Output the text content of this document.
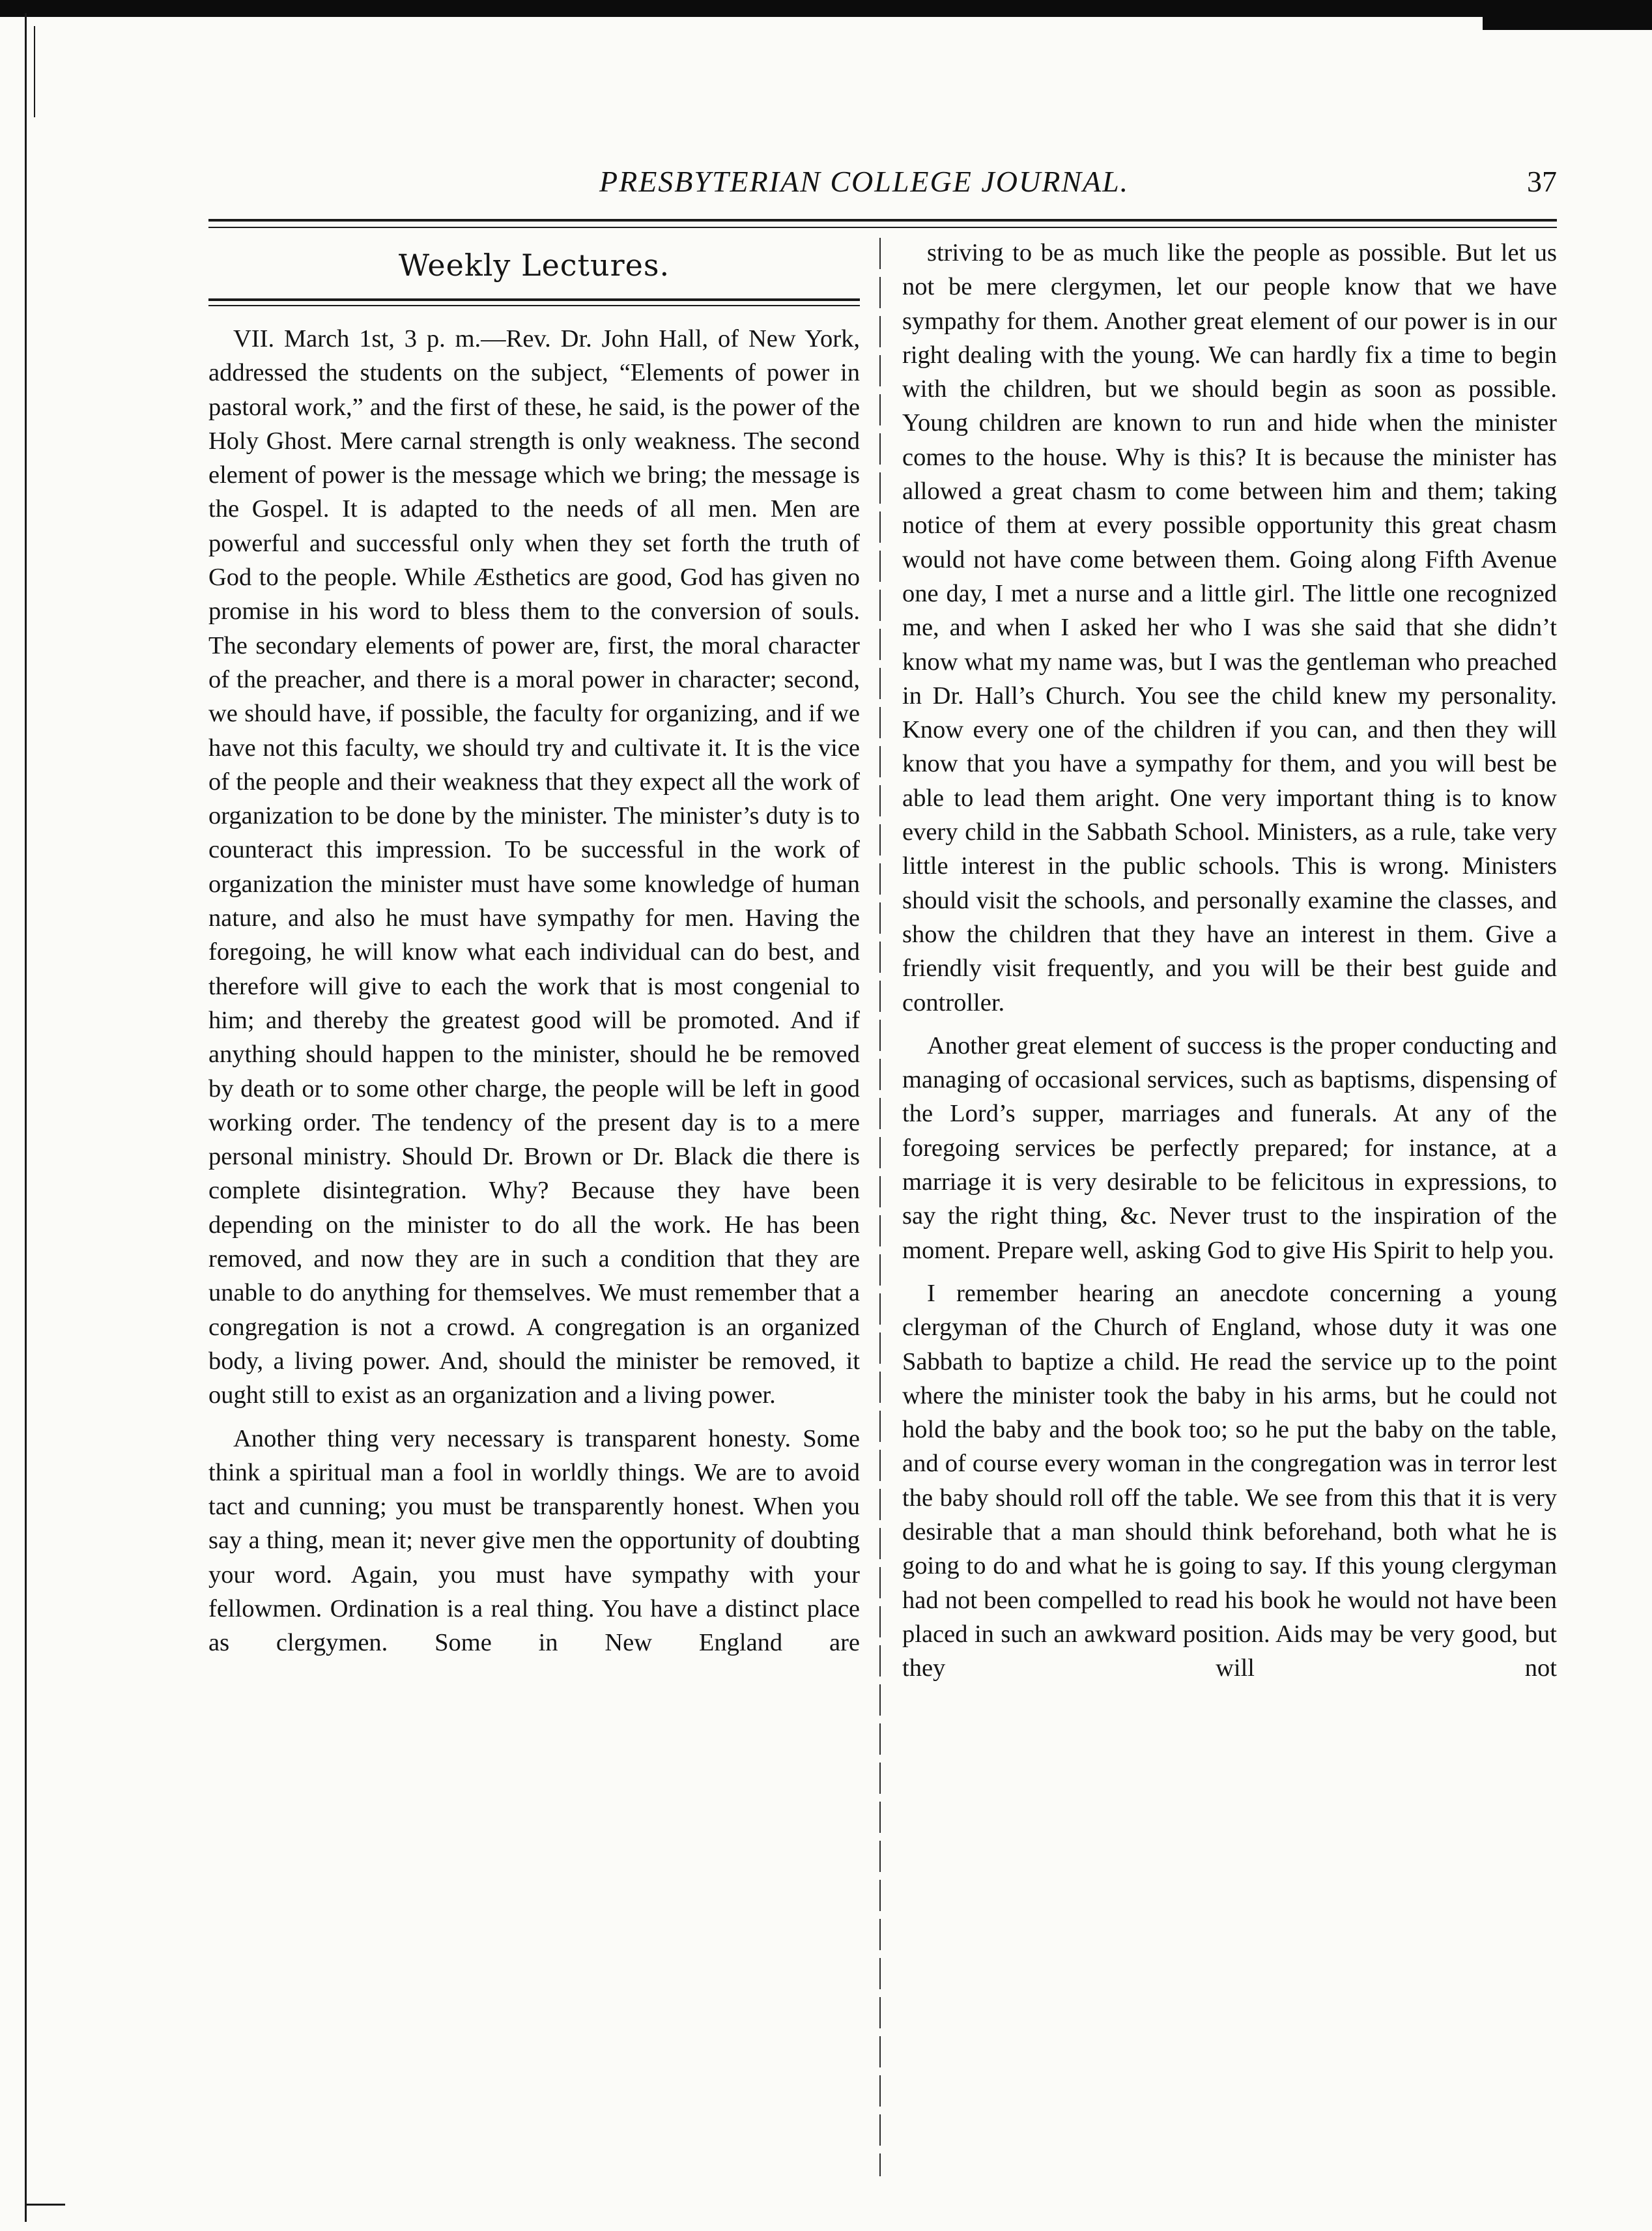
PRESBYTERIAN COLLEGE JOURNAL.	37
Weekly Lectures.

VII. March 1st, 3 p. m.—Rev. Dr. John Hall, of New York, addressed the students on the subject, “Elements of power in pastoral work,” and the first of these, he said, is the power of the Holy Ghost. Mere carnal strength is only weakness. The second element of power is the message which we bring; the message is the Gospel. It is adapted to the needs of all men. Men are powerful and successful only when they set forth the truth of God to the people. While Æsthetics are good, God has given no promise in his word to bless them to the conversion of souls. The secondary elements of power are, first, the moral character of the preacher, and there is a moral power in character; second, we should have, if possible, the faculty for organizing, and if we have not this faculty, we should try and cultivate it. It is the vice of the people and their weakness that they expect all the work of organization to be done by the minister. The minister’s duty is to counteract this impression. To be successful in the work of organization the minister must have some knowledge of human nature, and also he must have sympathy for men. Having the foregoing, he will know what each individual can do best, and therefore will give to each the work that is most congenial to him; and thereby the greatest good will be promoted. And if anything should happen to the minister, should he be removed by death or to some other charge, the people will be left in good working order. The tendency of the present day is to a mere personal ministry. Should Dr. Brown or Dr. Black die there is complete disintegration. Why? Because they have been depending on the minister to do all the work. He has been removed, and now they are in such a condition that they are unable to do anything for themselves. We must remember that a congregation is not a crowd. A congregation is an organized body, a living power. And, should the minister be removed, it ought still to exist as an organization and a living power.

Another thing very necessary is transparent honesty. Some think a spiritual man a fool in worldly things. We are to avoid tact and cunning; you must be transparently honest. When you say a thing, mean it; never give men the opportunity of doubting your word. Again, you must have sympathy with your fellowmen. Ordination is a real thing. You have a distinct place as clergymen. Some in New England are

striving to be as much like the people as possible. But let us not be mere clergymen, let our people know that we have sympathy for them. Another great element of our power is in our right dealing with the young. We can hardly fix a time to begin with the children, but we should begin as soon as possible. Young children are known to run and hide when the minister comes to the house. Why is this? It is because the minister has allowed a great chasm to come between him and them; taking notice of them at every possible opportunity this great chasm would not have come between them. Going along Fifth Avenue one day, I met a nurse and a little girl. The little one recognized me, and when I asked her who I was she said that she didn’t know what my name was, but I was the gentleman who preached in Dr. Hall’s Church. You see the child knew my personality. Know every one of the children if you can, and then they will know that you have a sympathy for them, and you will best be able to lead them aright. One very important thing is to know every child in the Sabbath School. Ministers, as a rule, take very little interest in the public schools. This is wrong. Ministers should visit the schools, and personally examine the classes, and show the children that they have an interest in them. Give a friendly visit frequently, and you will be their best guide and controller.

Another great element of success is the proper conducting and managing of occasional services, such as baptisms, dispensing of the Lord’s supper, marriages and funerals. At any of the foregoing services be perfectly prepared; for instance, at a marriage it is very desirable to be felicitous in expressions, to say the right thing, &c. Never trust to the inspiration of the moment. Prepare well, asking God to give His Spirit to help you.

I remember hearing an anecdote concerning a young clergyman of the Church of England, whose duty it was one Sabbath to baptize a child. He read the service up to the point where the minister took the baby in his arms, but he could not hold the baby and the book too; so he put the baby on the table, and of course every woman in the congregation was in terror lest the baby should roll off the table. We see from this that it is very desirable that a man should think beforehand, both what he is going to do and what he is going to say. If this young clergyman had not been compelled to read his book he would not have been placed in such an awkward position. Aids may be very good, but they will not
